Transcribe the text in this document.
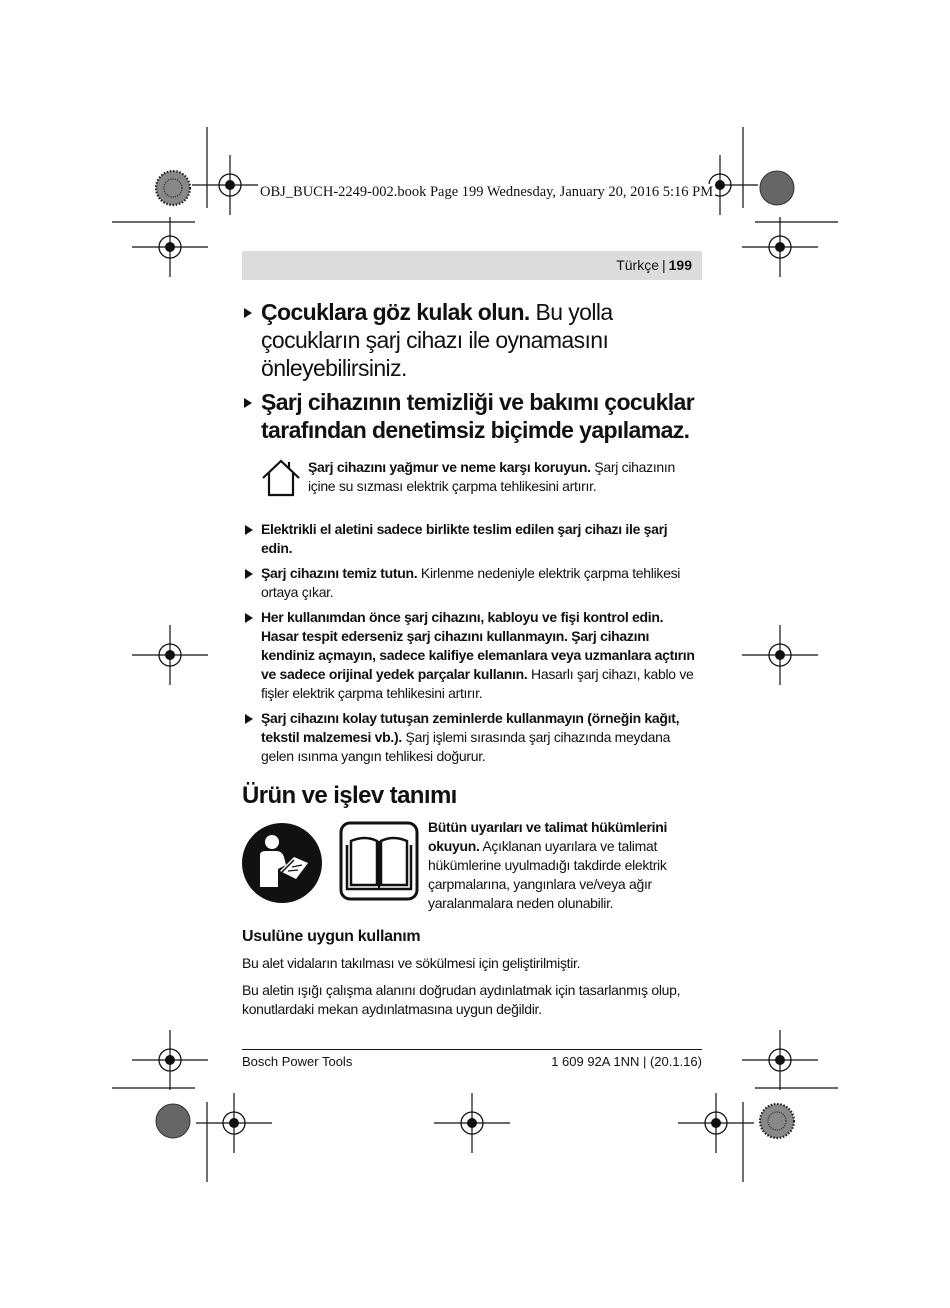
OBJ_BUCH-2249-002.book Page 199 Wednesday, January 20, 2016 5:16 PM
Türkçe | 199
Çocuklara göz kulak olun. Bu yolla çocukların şarj cihazı ile oynamasını önleyebilirsiniz.
Şarj cihazının temizliği ve bakımı çocuklar tarafından denetimsiz biçimde yapılamaz.
Şarj cihazını yağmur ve neme karşı koruyun. Şarj cihazının içine su sızması elektrik çarpma tehlikesini artırır.
Elektrikli el aletini sadece birlikte teslim edilen şarj cihazı ile şarj edin.
Şarj cihazını temiz tutun. Kirlenme nedeniyle elektrik çarpma tehlikesi ortaya çıkar.
Her kullanımdan önce şarj cihazını, kabloyu ve fişi kontrol edin. Hasar tespit ederseniz şarj cihazını kullanmayın. Şarj cihazını kendiniz açmayın, sadece kalifiye elemanlara veya uzmanlara açtırın ve sadece orijinal yedek parçalar kullanın. Hasarlı şarj cihazı, kablo ve fişler elektrik çarpma tehlikesini artırır.
Şarj cihazını kolay tutuşan zeminlerde kullanmayın (örneğin kağıt, tekstil malzemesi vb.). Şarj işlemi sırasında şarj cihazında meydana gelen ısınma yangın tehlikesi doğurur.
Ürün ve işlev tanımı
Bütün uyarıları ve talimat hükümlerini okuyun. Açıklanan uyarılara ve talimat hükümlerine uyulmadığı takdirde elektrik çarpmalarına, yangınlara ve/veya ağır yaralanmalara neden olunabilir.
Usulüne uygun kullanım
Bu alet vidaların takılması ve sökülmesi için geliştirilmiştir.
Bu aletin ışığı çalışma alanını doğrudan aydınlatmak için tasarlanmış olup, konutlardaki mekan aydınlatmasına uygun değildir.
Bosch Power Tools	1 609 92A 1NN | (20.1.16)
